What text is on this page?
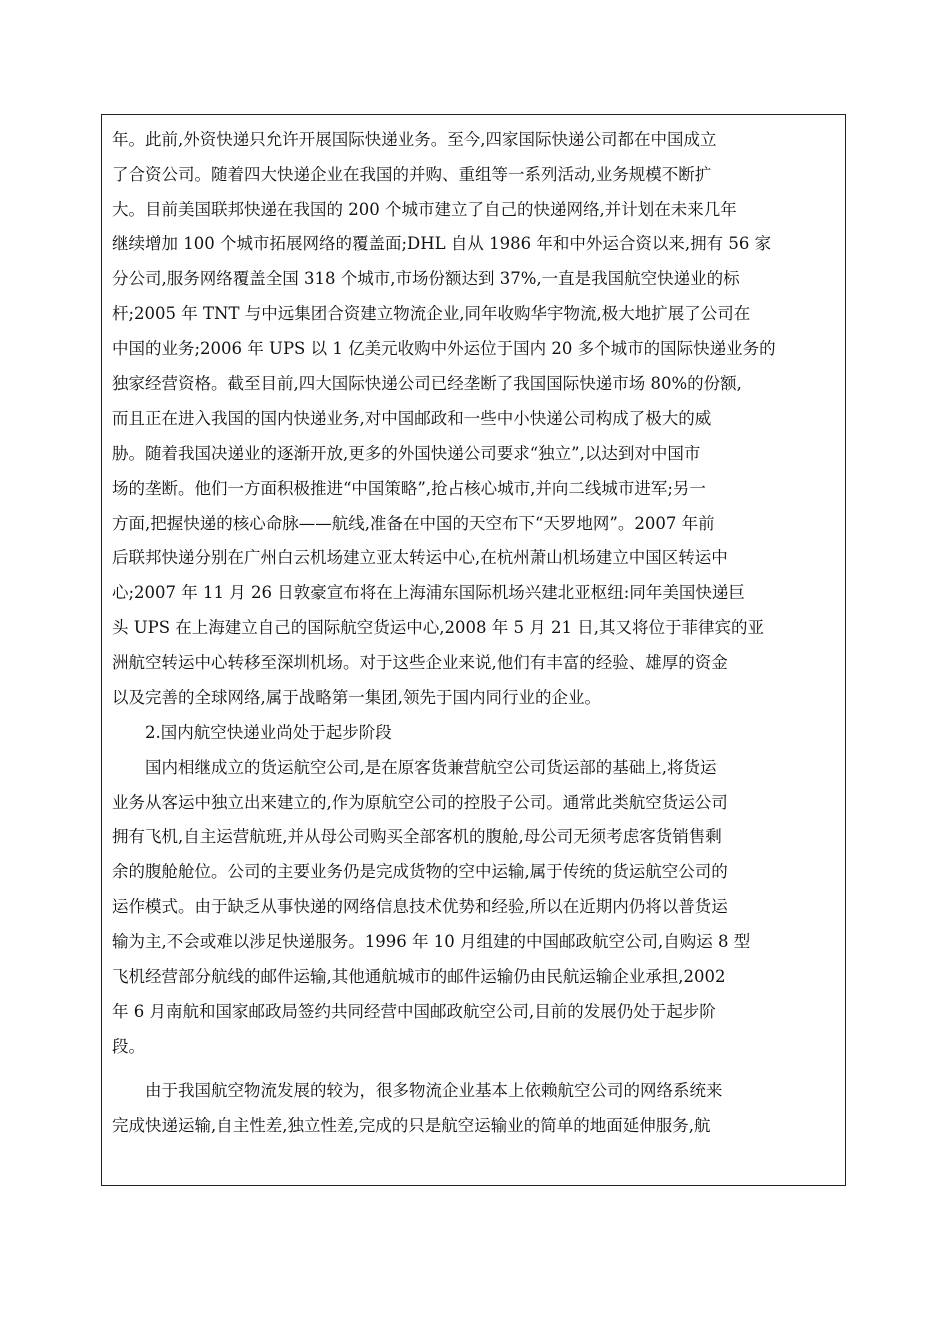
年。此前,外资快递只允许开展国际快递业务。至今,四家国际快递公司都在中国成立
了合资公司。随着四大快递企业在我国的并购、重组等一系列活动,业务规模不断扩
大。目前美国联邦快递在我国的 200 个城市建立了自己的快递网络,并计划在未来几年
继续增加 100 个城市拓展网络的覆盖面;DHL 自从 1986 年和中外运合资以来,拥有 56 家
分公司,服务网络覆盖全国 318 个城市,市场份额达到 37%,一直是我国航空快递业的标
杆;2005 年 TNT 与中远集团合资建立物流企业,同年收购华宇物流,极大地扩展了公司在
中国的业务;2006 年 UPS 以 1 亿美元收购中外运位于国内 20 多个城市的国际快递业务的
独家经营资格。截至目前,四大国际快递公司已经垄断了我国国际快递市场 80%的份额,
而且正在进入我国的国内快递业务,对中国邮政和一些中小快递公司构成了极大的威
胁。随着我国决递业的逐渐开放,更多的外国快递公司要求“独立”,以达到对中国市
场的垄断。他们一方面积极推进“中国策略”,抢占核心城市,并向二线城市进军;另一
方面,把握快递的核心命脉——航线,准备在中国的天空布下“天罗地网”。2007 年前
后联邦快递分别在广州白云机场建立亚太转运中心,在杭州萧山机场建立中国区转运中
心;2007 年 11 月 26 日敦豪宣布将在上海浦东国际机场兴建北亚枢纽:同年美国快递巨
头 UPS 在上海建立自己的国际航空货运中心,2008 年 5 月 21 日,其又将位于菲律宾的亚
洲航空转运中心转移至深圳机场。对于这些企业来说,他们有丰富的经验、雄厚的资金
以及完善的全球网络,属于战略第一集团,领先于国内同行业的企业。
　　2.国内航空快递业尚处于起步阶段
　　国内相继成立的货运航空公司,是在原客货兼营航空公司货运部的基础上,将货运
业务从客运中独立出来建立的,作为原航空公司的控股子公司。通常此类航空货运公司
拥有飞机,自主运营航班,并从母公司购买全部客机的腹舱,母公司无须考虑客货销售剩
余的腹舱舱位。公司的主要业务仍是完成货物的空中运输,属于传统的货运航空公司的
运作模式。由于缺乏从事快递的网络信息技术优势和经验,所以在近期内仍将以普货运
输为主,不会或难以涉足快递服务。1996 年 10 月组建的中国邮政航空公司,自购运 8 型
飞机经营部分航线的邮件运输,其他通航城市的邮件运输仍由民航运输企业承担,2002
年 6 月南航和国家邮政局签约共同经营中国邮政航空公司,目前的发展仍处于起步阶
段。
　　由于我国航空物流发展的较为，很多物流企业基本上依赖航空公司的网络系统来
完成快递运输,自主性差,独立性差,完成的只是航空运输业的简单的地面延伸服务,航
